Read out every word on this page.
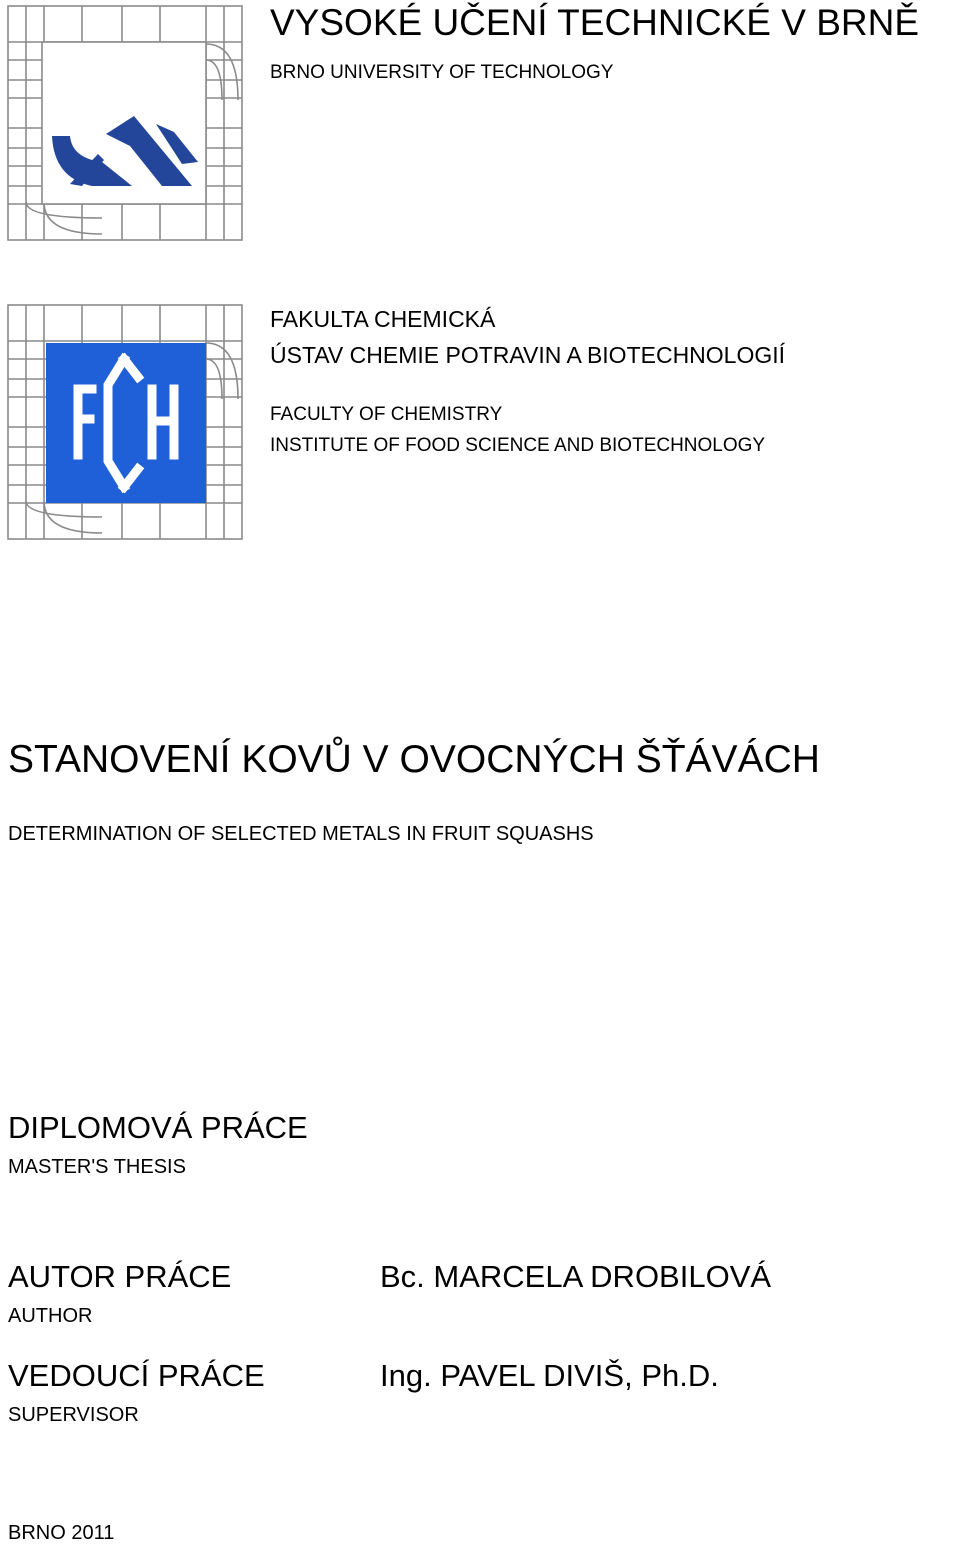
VYSOKÉ UČENÍ TECHNICKÉ V BRNĚ
BRNO UNIVERSITY OF TECHNOLOGY
FAKULTA CHEMICKÁ
ÚSTAV CHEMIE POTRAVIN A BIOTECHNOLOGIÍ
FACULTY OF CHEMISTRY
INSTITUTE OF FOOD SCIENCE AND BIOTECHNOLOGY
STANOVENÍ KOVŮ V OVOCNÝCH ŠŤÁVÁCH
DETERMINATION OF SELECTED METALS IN FRUIT SQUASHS
DIPLOMOVÁ PRÁCE
MASTER'S THESIS
AUTOR PRÁCE
AUTHOR
Bc. MARCELA DROBILOVÁ
VEDOUCÍ PRÁCE
SUPERVISOR
Ing. PAVEL DIVIŠ, Ph.D.
BRNO 2011
